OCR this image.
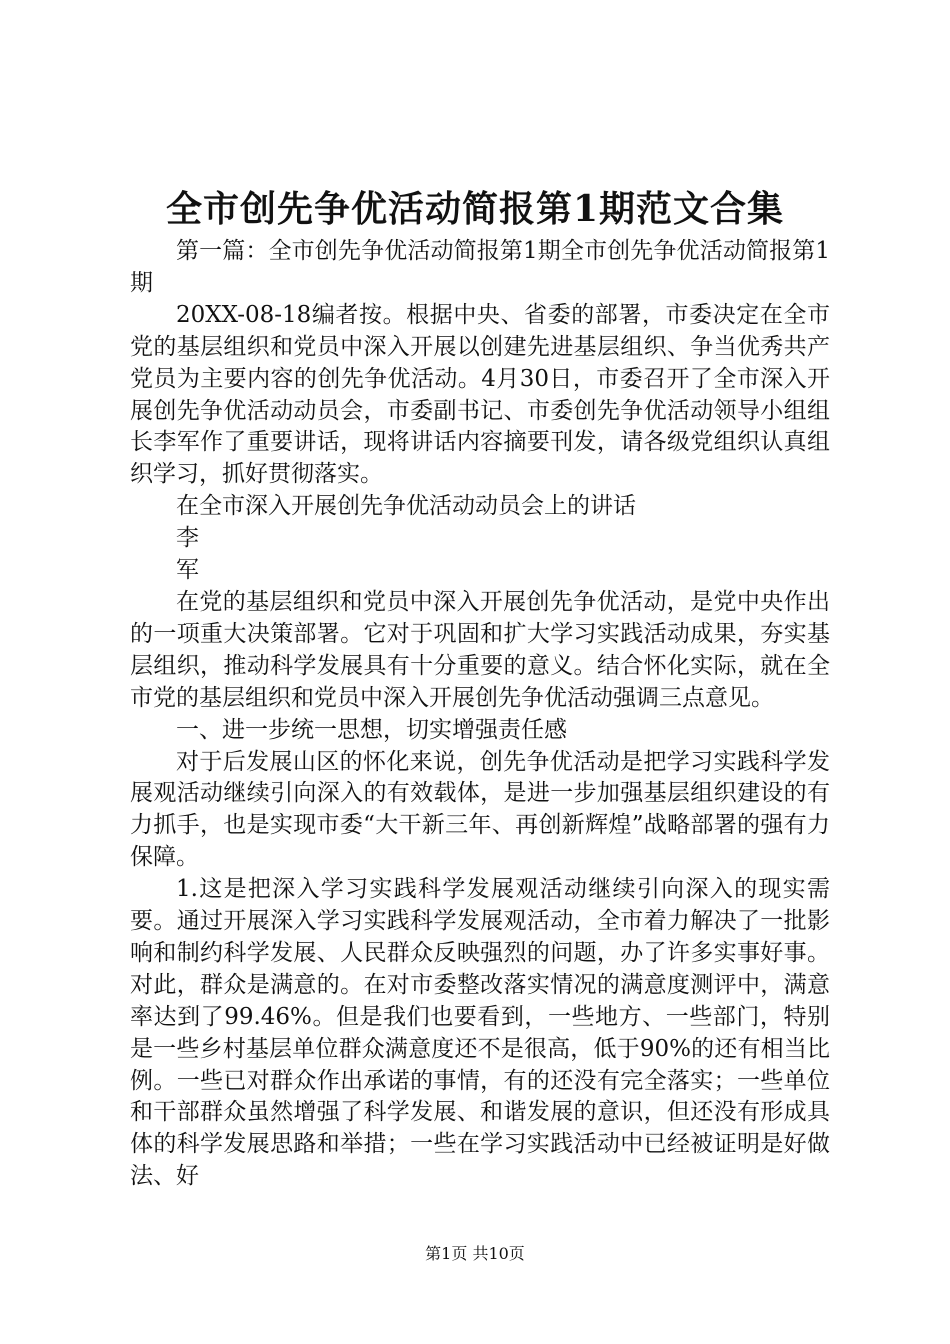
全市创先争优活动简报第1期范文合集

第一篇：全市创先争优活动简报第1期全市创先争优活动简报第1期

20XX-08-18编者按。根据中央、省委的部署，市委决定在全市党的基层组织和党员中深入开展以创建先进基层组织、争当优秀共产党员为主要内容的创先争优活动。4月30日，市委召开了全市深入开展创先争优活动动员会，市委副书记、市委创先争优活动领导小组组长李军作了重要讲话，现将讲话内容摘要刊发，请各级党组织认真组织学习，抓好贯彻落实。

在全市深入开展创先争优活动动员会上的讲话

李

军

在党的基层组织和党员中深入开展创先争优活动，是党中央作出的一项重大决策部署。它对于巩固和扩大学习实践活动成果，夯实基层组织，推动科学发展具有十分重要的意义。结合怀化实际，就在全市党的基层组织和党员中深入开展创先争优活动强调三点意见。

一、进一步统一思想，切实增强责任感

对于后发展山区的怀化来说，创先争优活动是把学习实践科学发展观活动继续引向深入的有效载体，是进一步加强基层组织建设的有力抓手，也是实现市委“大干新三年、再创新辉煌”战略部署的强有力保障。

1.这是把深入学习实践科学发展观活动继续引向深入的现实需要。通过开展深入学习实践科学发展观活动，全市着力解决了一批影响和制约科学发展、人民群众反映强烈的问题，办了许多实事好事。对此，群众是满意的。在对市委整改落实情况的满意度测评中，满意率达到了99.46%。但是我们也要看到，一些地方、一些部门，特别是一些乡村基层单位群众满意度还不是很高，低于90%的还有相当比例。一些已对群众作出承诺的事情，有的还没有完全落实；一些单位和干部群众虽然增强了科学发展、和谐发展的意识，但还没有形成具体的科学发展思路和举措；一些在学习实践活动中已经被证明是好做法、好

第1页 共10页
